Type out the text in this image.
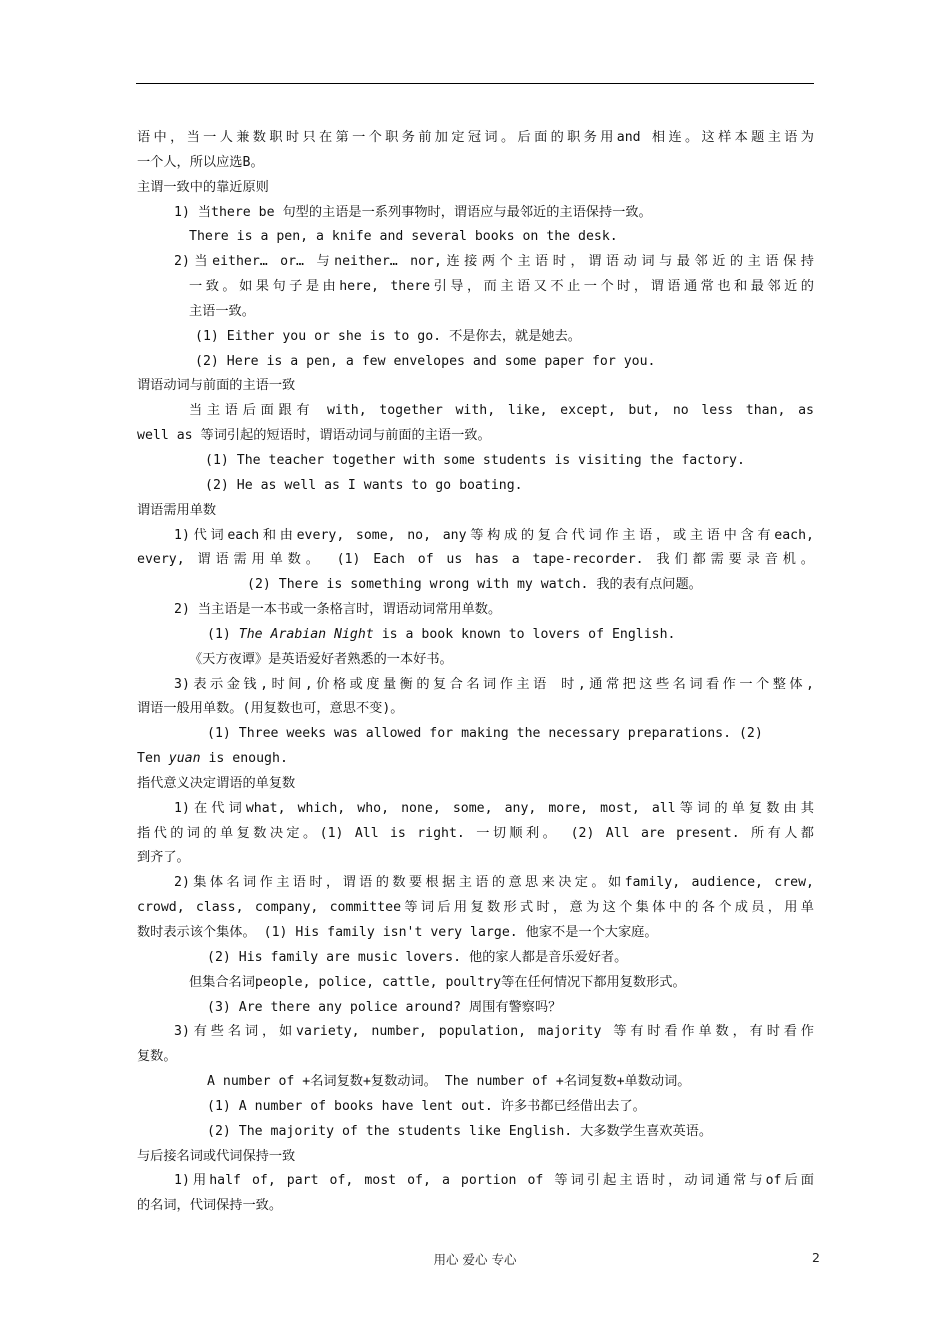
语中，当一人兼数职时只在第一个职务前加定冠词。后面的职务用and 相连。这样本题主语为
一个人，所以应选B。
主谓一致中的靠近原则
1) 当there be 句型的主语是一系列事物时，谓语应与最邻近的主语保持一致。
There is a pen, a knife and several books on the desk.
2)当either… or… 与neither… nor,连接两个主语时，谓语动词与最邻近的主语保持
一致。如果句子是由here, there引导，而主语又不止一个时，谓语通常也和最邻近的
主语一致。
(1) Either you or she is to go. 不是你去，就是她去。
(2) Here is a pen, a few envelopes and some paper for you.
谓语动词与前面的主语一致
当主语后面跟有 with, together with, like, except, but, no less than, as
well as 等词引起的短语时，谓语动词与前面的主语一致。
(1) The teacher together with some students is visiting the factory.
(2) He as well as I wants to go boating.
谓语需用单数
1)代词each和由every, some, no, any等构成的复合代词作主语，或主语中含有each,
every, 谓语需用单数。 (1) Each of us has a tape-recorder. 我们都需要录音机。
(2) There is something wrong with my watch. 我的表有点问题。
2) 当主语是一本书或一条格言时，谓语动词常用单数。
(1) The Arabian Night is a book known to lovers of English.
《天方夜谭》是英语爱好者熟悉的一本好书。
3)表示金钱,时间,价格或度量衡的复合名词作主语 时,通常把这些名词看作一个整体,
谓语一般用单数。(用复数也可，意思不变)。
(1) Three weeks was allowed for making the necessary preparations. (2)
Ten yuan is enough.
指代意义决定谓语的单复数
1)在代词what, which, who, none, some, any, more, most, all等词的单复数由其
指代的词的单复数决定。(1) All is right. 一切顺利。 (2) All are present. 所有人都
到齐了。
2)集体名词作主语时，谓语的数要根据主语的意思来决定。如family, audience, crew,
crowd, class, company, committee等词后用复数形式时，意为这个集体中的各个成员，用单
数时表示该个集体。 (1) His family isn't very large. 他家不是一个大家庭。
(2) His family are music lovers. 他的家人都是音乐爱好者。
但集合名词people, police, cattle, poultry等在任何情况下都用复数形式。
(3) Are there any police around? 周围有警察吗？
3)有些名词，如variety, number, population, majority 等有时看作单数，有时看作
复数。
A number of +名词复数+复数动词。 The number of +名词复数+单数动词。
(1) A number of books have lent out. 许多书都已经借出去了。
(2) The majority of the students like English. 大多数学生喜欢英语。
与后接名词或代词保持一致
1)用half of, part of, most of, a portion of 等词引起主语时，动词通常与of后面
的名词，代词保持一致。
用心 爱心 专心	2
